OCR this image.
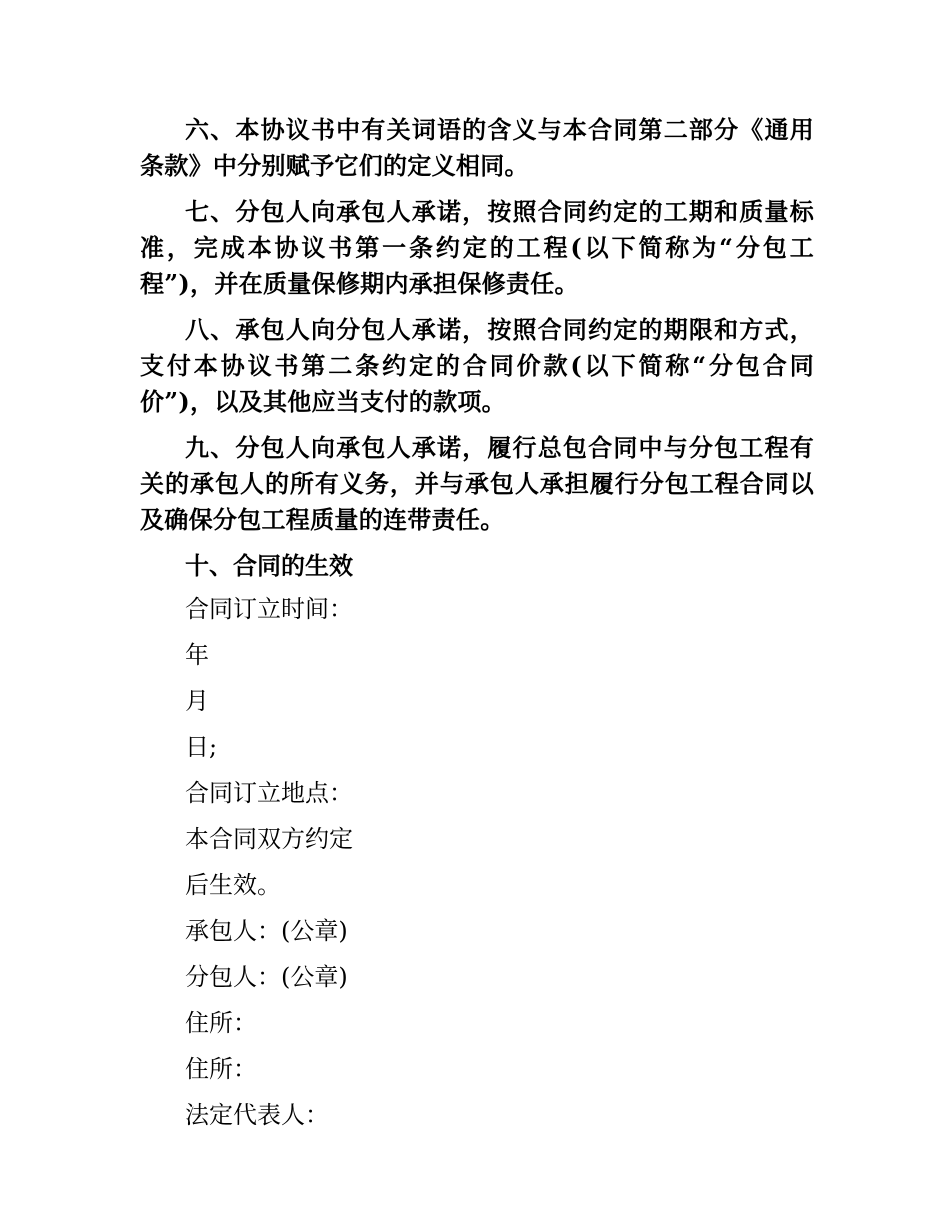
六、本协议书中有关词语的含义与本合同第二部分《通用条款》中分别赋予它们的定义相同。

七、分包人向承包人承诺，按照合同约定的工期和质量标准，完成本协议书第一条约定的工程(以下简称为“分包工程”)，并在质量保修期内承担保修责任。

八、承包人向分包人承诺，按照合同约定的期限和方式，支付本协议书第二条约定的合同价款(以下简称“分包合同价”)，以及其他应当支付的款项。

九、分包人向承包人承诺，履行总包合同中与分包工程有关的承包人的所有义务，并与承包人承担履行分包工程合同以及确保分包工程质量的连带责任。

十、合同的生效
合同订立时间：
年
月
日;
合同订立地点：
本合同双方约定
后生效。
承包人：(公章)
分包人：(公章)
住所：
住所：
法定代表人：
